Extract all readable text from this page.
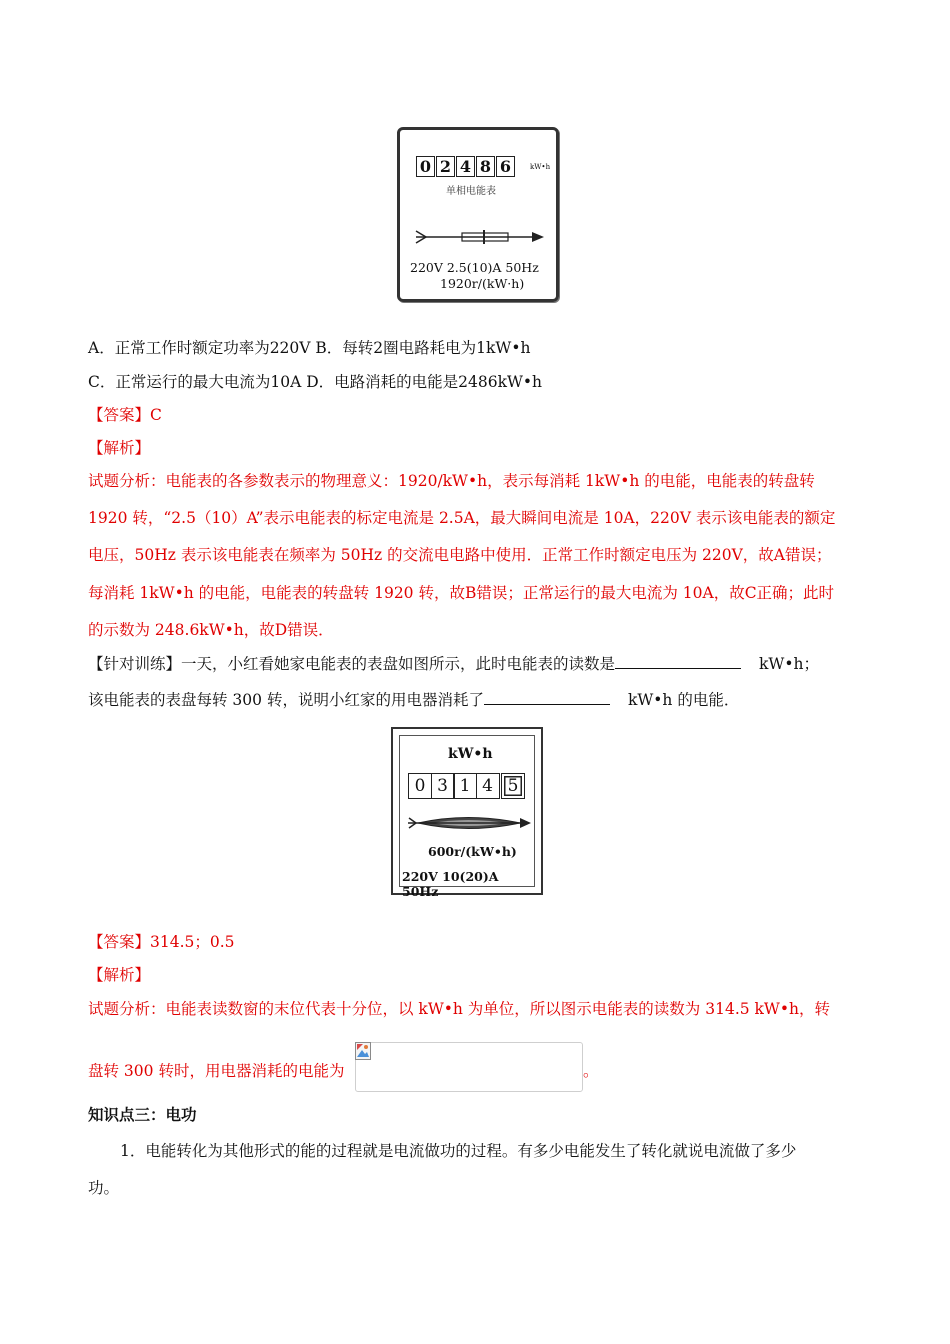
0 2 4 8 6	kW•h
单相电能表
220V 2.5(10)A 50Hz
1920r/(kW·h)
A．正常工作时额定功率为220V B．每转2圈电路耗电为1kW•h
C．正常运行的最大电流为10A D．电路消耗的电能是2486kW•h
【答案】C
【解析】
试题分析：电能表的各参数表示的物理意义：1920/kW•h，表示每消耗 1kW•h 的电能，电能表的转盘转
1920 转，“2.5（10）A”表示电能表的标定电流是 2.5A，最大瞬间电流是 10A，220V 表示该电能表的额定
电压，50Hz 表示该电能表在频率为 50Hz 的交流电电路中使用．正常工作时额定电压为 220V，故A错误；
每消耗 1kW•h 的电能，电能表的转盘转 1920 转，故B错误；正常运行的最大电流为 10A，故C正确；此时
的示数为 248.6kW•h，故D错误．
【针对训练】一天，小红看她家电能表的表盘如图所示，此时电能表的读数是	kW•h；
该电能表的表盘每转 300 转，说明小红家的用电器消耗了	kW•h 的电能．
kW•h
0 3 1 4 5
600r/(kW•h)
220V 10(20)A 50Hz
【答案】314.5；0.5
【解析】
试题分析：电能表读数窗的末位代表十分位，以 kW•h 为单位，所以图示电能表的读数为 314.5 kW•h，转
盘转 300 转时，用电器消耗的电能为	。
知识点三：电功
1．电能转化为其他形式的能的过程就是电流做功的过程。有多少电能发生了转化就说电流做了多少
功。
